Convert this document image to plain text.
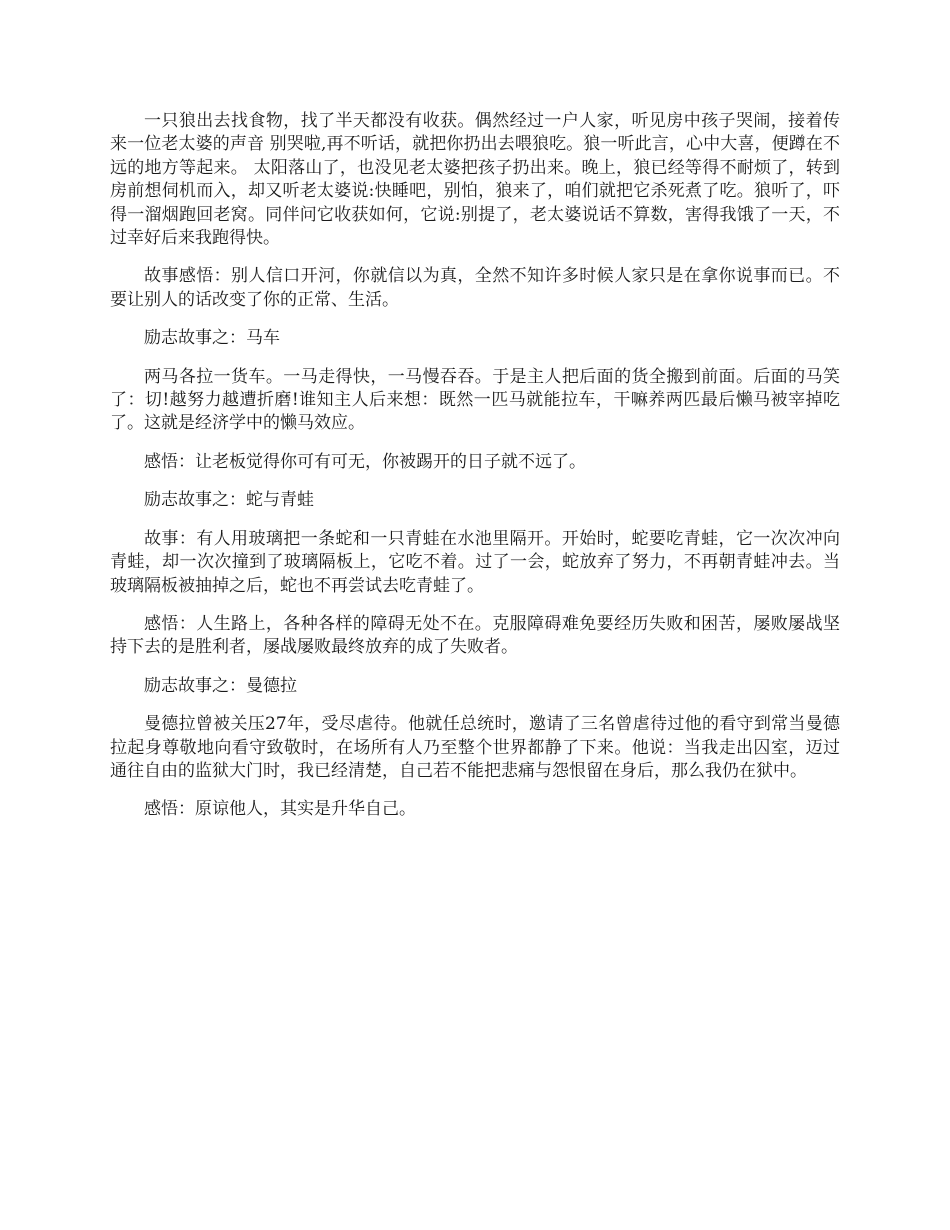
一只狼出去找食物，找了半天都没有收获。偶然经过一户人家，听见房中孩子哭闹，接着传来一位老太婆的声音 别哭啦,再不听话，就把你扔出去喂狼吃。狼一听此言，心中大喜，便蹲在不远的地方等起来。 太阳落山了，也没见老太婆把孩子扔出来。晚上，狼已经等得不耐烦了，转到房前想伺机而入，却又听老太婆说:快睡吧，别怕，狼来了，咱们就把它杀死煮了吃。狼听了，吓得一溜烟跑回老窝。同伴问它收获如何，它说:别提了，老太婆说话不算数，害得我饿了一天，不过幸好后来我跑得快。

故事感悟：别人信口开河，你就信以为真，全然不知许多时候人家只是在拿你说事而已。不要让别人的话改变了你的正常、生活。

励志故事之：马车

两马各拉一货车。一马走得快，一马慢吞吞。于是主人把后面的货全搬到前面。后面的马笑了：切!越努力越遭折磨!谁知主人后来想：既然一匹马就能拉车，干嘛养两匹最后懒马被宰掉吃了。这就是经济学中的懒马效应。

感悟：让老板觉得你可有可无，你被踢开的日子就不远了。

励志故事之：蛇与青蛙

故事：有人用玻璃把一条蛇和一只青蛙在水池里隔开。开始时，蛇要吃青蛙，它一次次冲向青蛙，却一次次撞到了玻璃隔板上，它吃不着。过了一会，蛇放弃了努力，不再朝青蛙冲去。当玻璃隔板被抽掉之后，蛇也不再尝试去吃青蛙了。

感悟：人生路上，各种各样的障碍无处不在。克服障碍难免要经历失败和困苦，屡败屡战坚持下去的是胜利者，屡战屡败最终放弃的成了失败者。

励志故事之：曼德拉

曼德拉曾被关压27年，受尽虐待。他就任总统时，邀请了三名曾虐待过他的看守到常当曼德拉起身尊敬地向看守致敬时，在场所有人乃至整个世界都静了下来。他说：当我走出囚室，迈过通往自由的监狱大门时，我已经清楚，自己若不能把悲痛与怨恨留在身后，那么我仍在狱中。

感悟：原谅他人，其实是升华自己。
